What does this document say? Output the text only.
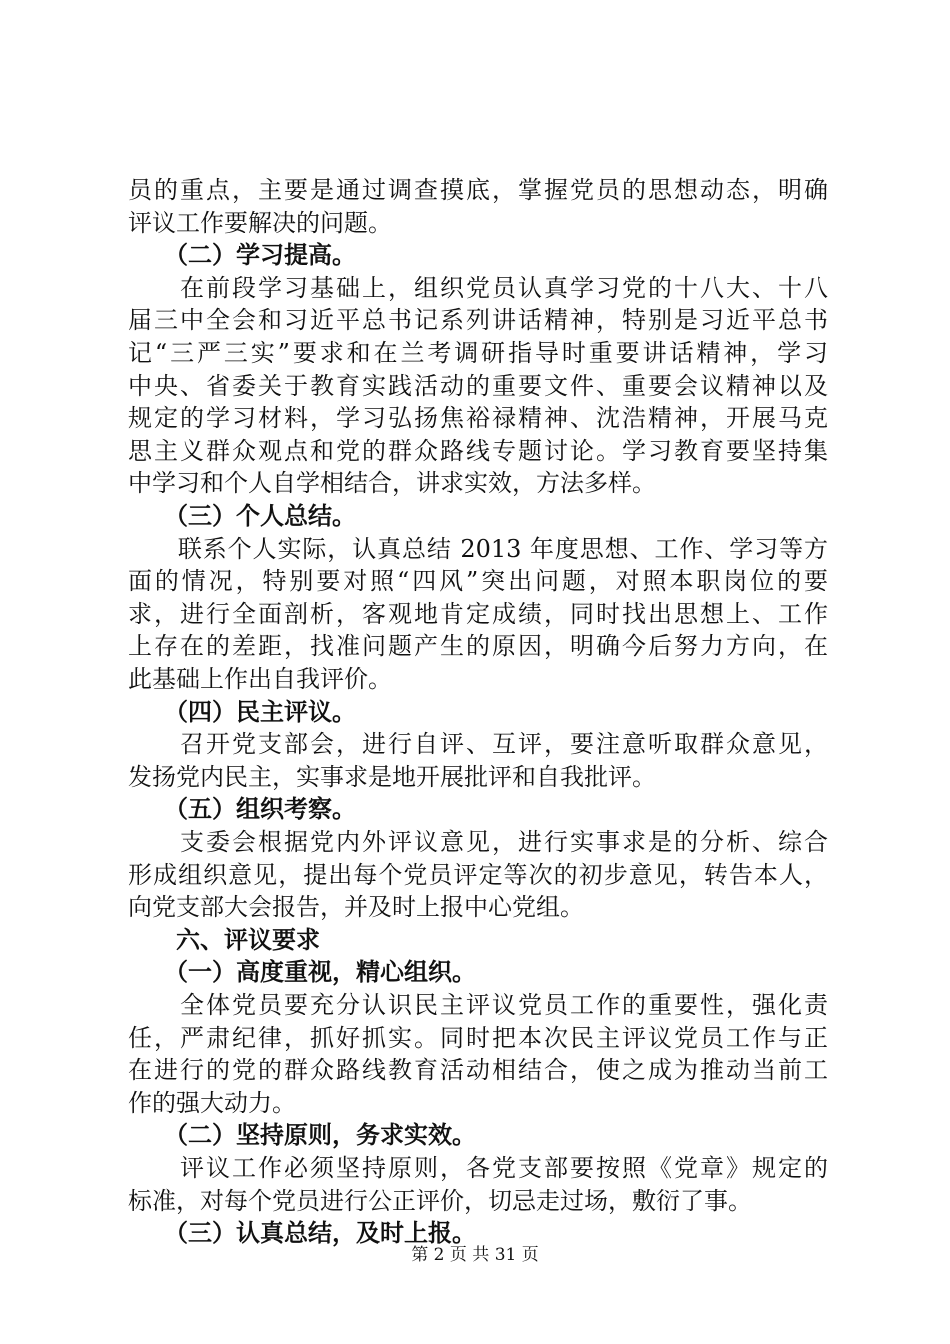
员的重点，主要是通过调查摸底，掌握党员的思想动态，明确
评议工作要解决的问题。
　　（二）学习提高。
　　在前段学习基础上，组织党员认真学习党的十八大、十八
届三中全会和习近平总书记系列讲话精神，特别是习近平总书
记“三严三实”要求和在兰考调研指导时重要讲话精神，学习
中央、省委关于教育实践活动的重要文件、重要会议精神以及
规定的学习材料，学习弘扬焦裕禄精神、沈浩精神，开展马克
思主义群众观点和党的群众路线专题讨论。学习教育要坚持集
中学习和个人自学相结合，讲求实效，方法多样。
　　（三）个人总结。
　　联系个人实际，认真总结 2013 年度思想、工作、学习等方
面的情况，特别要对照“四风”突出问题，对照本职岗位的要
求，进行全面剖析，客观地肯定成绩，同时找出思想上、工作
上存在的差距，找准问题产生的原因，明确今后努力方向，在
此基础上作出自我评价。
　　（四）民主评议。
　　召开党支部会，进行自评、互评，要注意听取群众意见，
发扬党内民主，实事求是地开展批评和自我批评。
　　（五）组织考察。
　　支委会根据党内外评议意见，进行实事求是的分析、综合
形成组织意见，提出每个党员评定等次的初步意见，转告本人，
向党支部大会报告，并及时上报中心党组。
　　六、评议要求
　　（一）高度重视，精心组织。
　　全体党员要充分认识民主评议党员工作的重要性，强化责
任，严肃纪律，抓好抓实。同时把本次民主评议党员工作与正
在进行的党的群众路线教育活动相结合，使之成为推动当前工
作的强大动力。
　　（二）坚持原则，务求实效。
　　评议工作必须坚持原则，各党支部要按照《党章》规定的
标准，对每个党员进行公正评价，切忌走过场，敷衍了事。
　　（三）认真总结，及时上报。
第 2 页 共 31 页
